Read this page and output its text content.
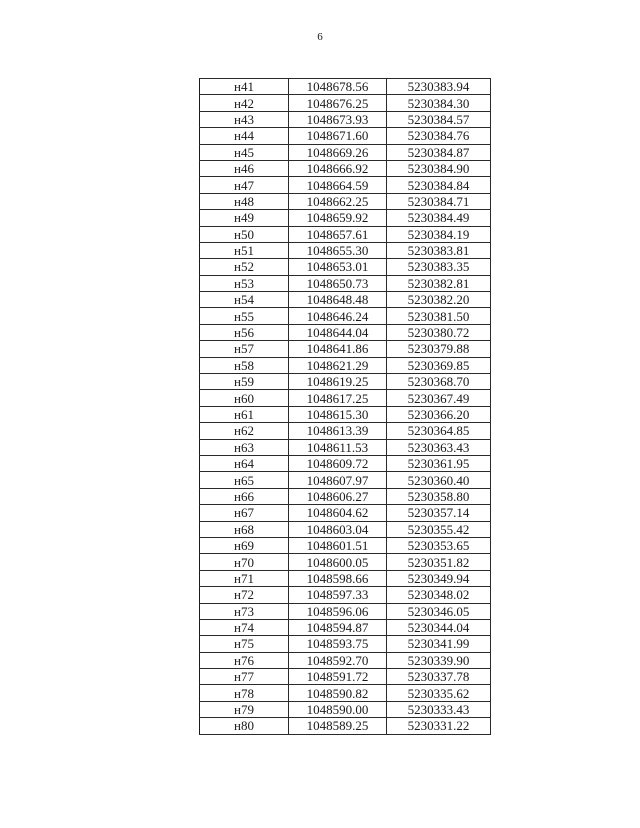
6
н41	1048678.56	5230383.94
н42	1048676.25	5230384.30
н43	1048673.93	5230384.57
н44	1048671.60	5230384.76
н45	1048669.26	5230384.87
н46	1048666.92	5230384.90
н47	1048664.59	5230384.84
н48	1048662.25	5230384.71
н49	1048659.92	5230384.49
н50	1048657.61	5230384.19
н51	1048655.30	5230383.81
н52	1048653.01	5230383.35
н53	1048650.73	5230382.81
н54	1048648.48	5230382.20
н55	1048646.24	5230381.50
н56	1048644.04	5230380.72
н57	1048641.86	5230379.88
н58	1048621.29	5230369.85
н59	1048619.25	5230368.70
н60	1048617.25	5230367.49
н61	1048615.30	5230366.20
н62	1048613.39	5230364.85
н63	1048611.53	5230363.43
н64	1048609.72	5230361.95
н65	1048607.97	5230360.40
н66	1048606.27	5230358.80
н67	1048604.62	5230357.14
н68	1048603.04	5230355.42
н69	1048601.51	5230353.65
н70	1048600.05	5230351.82
н71	1048598.66	5230349.94
н72	1048597.33	5230348.02
н73	1048596.06	5230346.05
н74	1048594.87	5230344.04
н75	1048593.75	5230341.99
н76	1048592.70	5230339.90
н77	1048591.72	5230337.78
н78	1048590.82	5230335.62
н79	1048590.00	5230333.43
н80	1048589.25	5230331.22
